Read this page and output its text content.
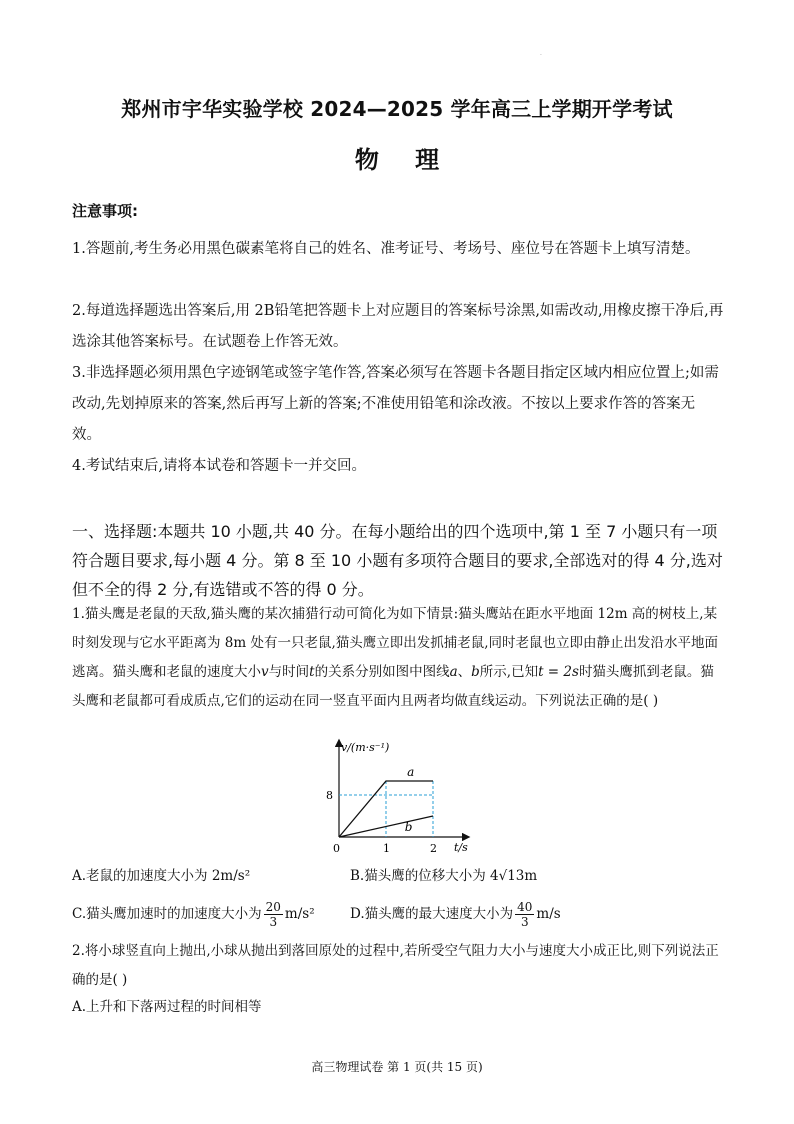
·
郑州市宇华实验学校 2024—2025 学年高三上学期开学考试
物 理
注意事项:
1.答题前,考生务必用黑色碳素笔将自己的姓名、准考证号、考场号、座位号在答题卡上填写清楚。
2.每道选择题选出答案后,用 2B铅笔把答题卡上对应题目的答案标号涂黑,如需改动,用橡皮擦干净后,再选涂其他答案标号。在试题卷上作答无效。
3.非选择题必须用黑色字迹钢笔或签字笔作答,答案必须写在答题卡各题目指定区域内相应位置上;如需改动,先划掉原来的答案,然后再写上新的答案;不准使用铅笔和涂改液。不按以上要求作答的答案无效。
4.考试结束后,请将本试卷和答题卡一并交回。
一、选择题:本题共 10 小题,共 40 分。在每小题给出的四个选项中,第 1 至 7 小题只有一项符合题目要求,每小题 4 分。第 8 至 10 小题有多项符合题目的要求,全部选对的得 4 分,选对但不全的得 2 分,有选错或不答的得 0 分。
1.猫头鹰是老鼠的天敌,猫头鹰的某次捕猎行动可简化为如下情景:猫头鹰站在距水平地面 12m 高的树枝上,某时刻发现与它水平距离为 8m 处有一只老鼠,猫头鹰立即出发抓捕老鼠,同时老鼠也立即由静止出发沿水平地面逃离。猫头鹰和老鼠的速度大小v与时间t的关系分别如图中图线a、b所示,已知t = 2s时猫头鹰抓到老鼠。猫头鹰和老鼠都可看成质点,它们的运动在同一竖直平面内且两者均做直线运动。下列说法正确的是( )
a
b
v/(m·s⁻¹)
t/s
0	1	2
8
A.老鼠的加速度大小为 2m/s²	B.猫头鹰的位移大小为 4√13m
C.猫头鹰加速时的加速度大小为 $\frac{20}{3} m/s^2$	D.猫头鹰的最大速度大小为 $\frac{40}{3} m/s$
2.将小球竖直向上抛出,小球从抛出到落回原处的过程中,若所受空气阻力大小与速度大小成正比,则下列说法正确的是( )
A.上升和下落两过程的时间相等
高三物理试卷 第 1 页(共 15 页)
